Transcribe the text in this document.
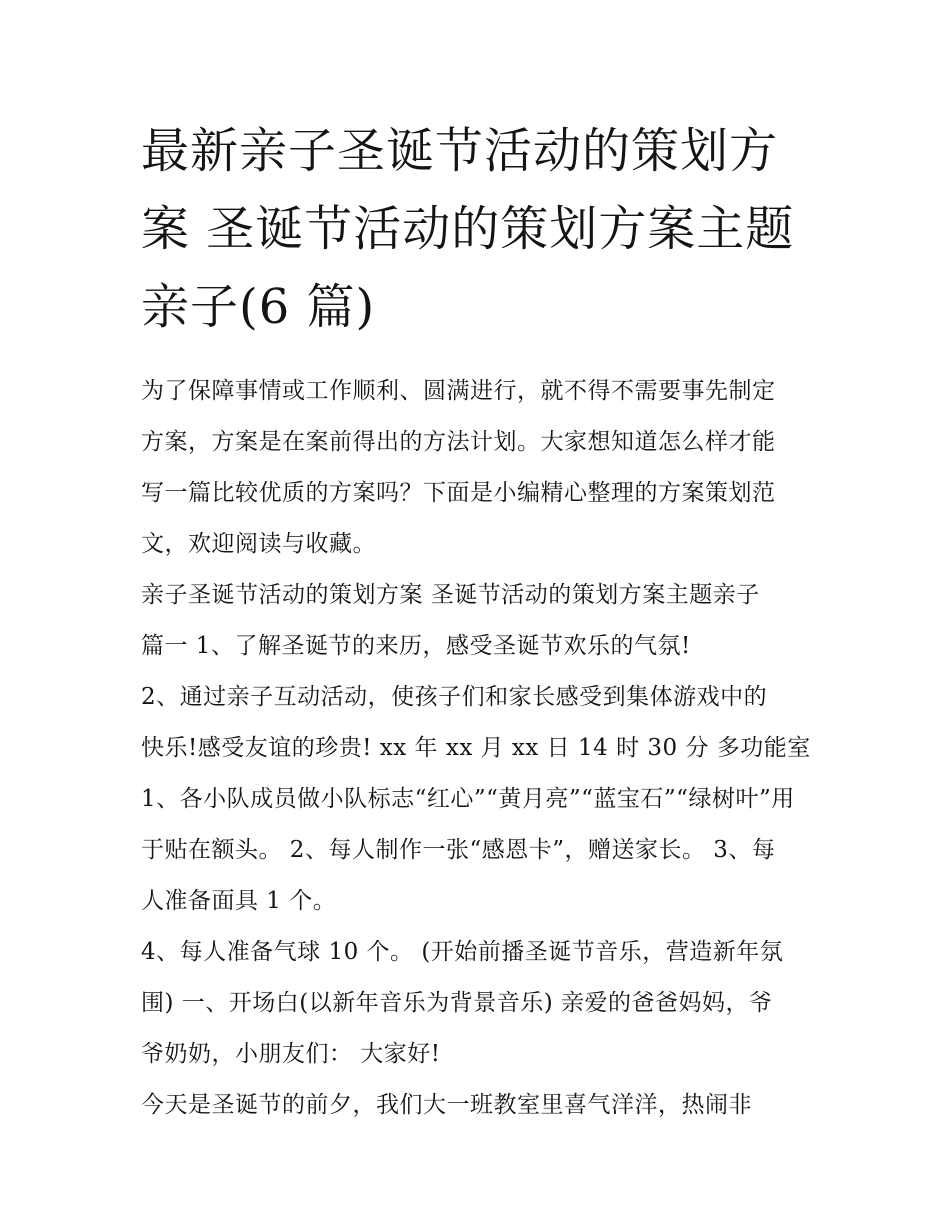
最新亲子圣诞节活动的策划方
案 圣诞节活动的策划方案主题
亲子(6 篇)

为了保障事情或工作顺利、圆满进行，就不得不需要事先制定
方案，方案是在案前得出的方法计划。大家想知道怎么样才能
写一篇比较优质的方案吗？下面是小编精心整理的方案策划范
文，欢迎阅读与收藏。

亲子圣诞节活动的策划方案 圣诞节活动的策划方案主题亲子
篇一 1、了解圣诞节的来历，感受圣诞节欢乐的气氛!

2、通过亲子互动活动，使孩子们和家长感受到集体游戏中的
快乐!感受友谊的珍贵! xx 年 xx 月 xx 日 14 时 30 分 多功能室

1、各小队成员做小队标志“红心”“黄月亮”“蓝宝石”“绿树叶”用
于贴在额头。 2、每人制作一张“感恩卡”，赠送家长。 3、每
人准备面具 1 个。

4、每人准备气球 10 个。 (开始前播圣诞节音乐，营造新年氛
围) 一、开场白(以新年音乐为背景音乐) 亲爱的爸爸妈妈，爷
爷奶奶，小朋友们： 大家好!

今天是圣诞节的前夕，我们大一班教室里喜气洋洋，热闹非
